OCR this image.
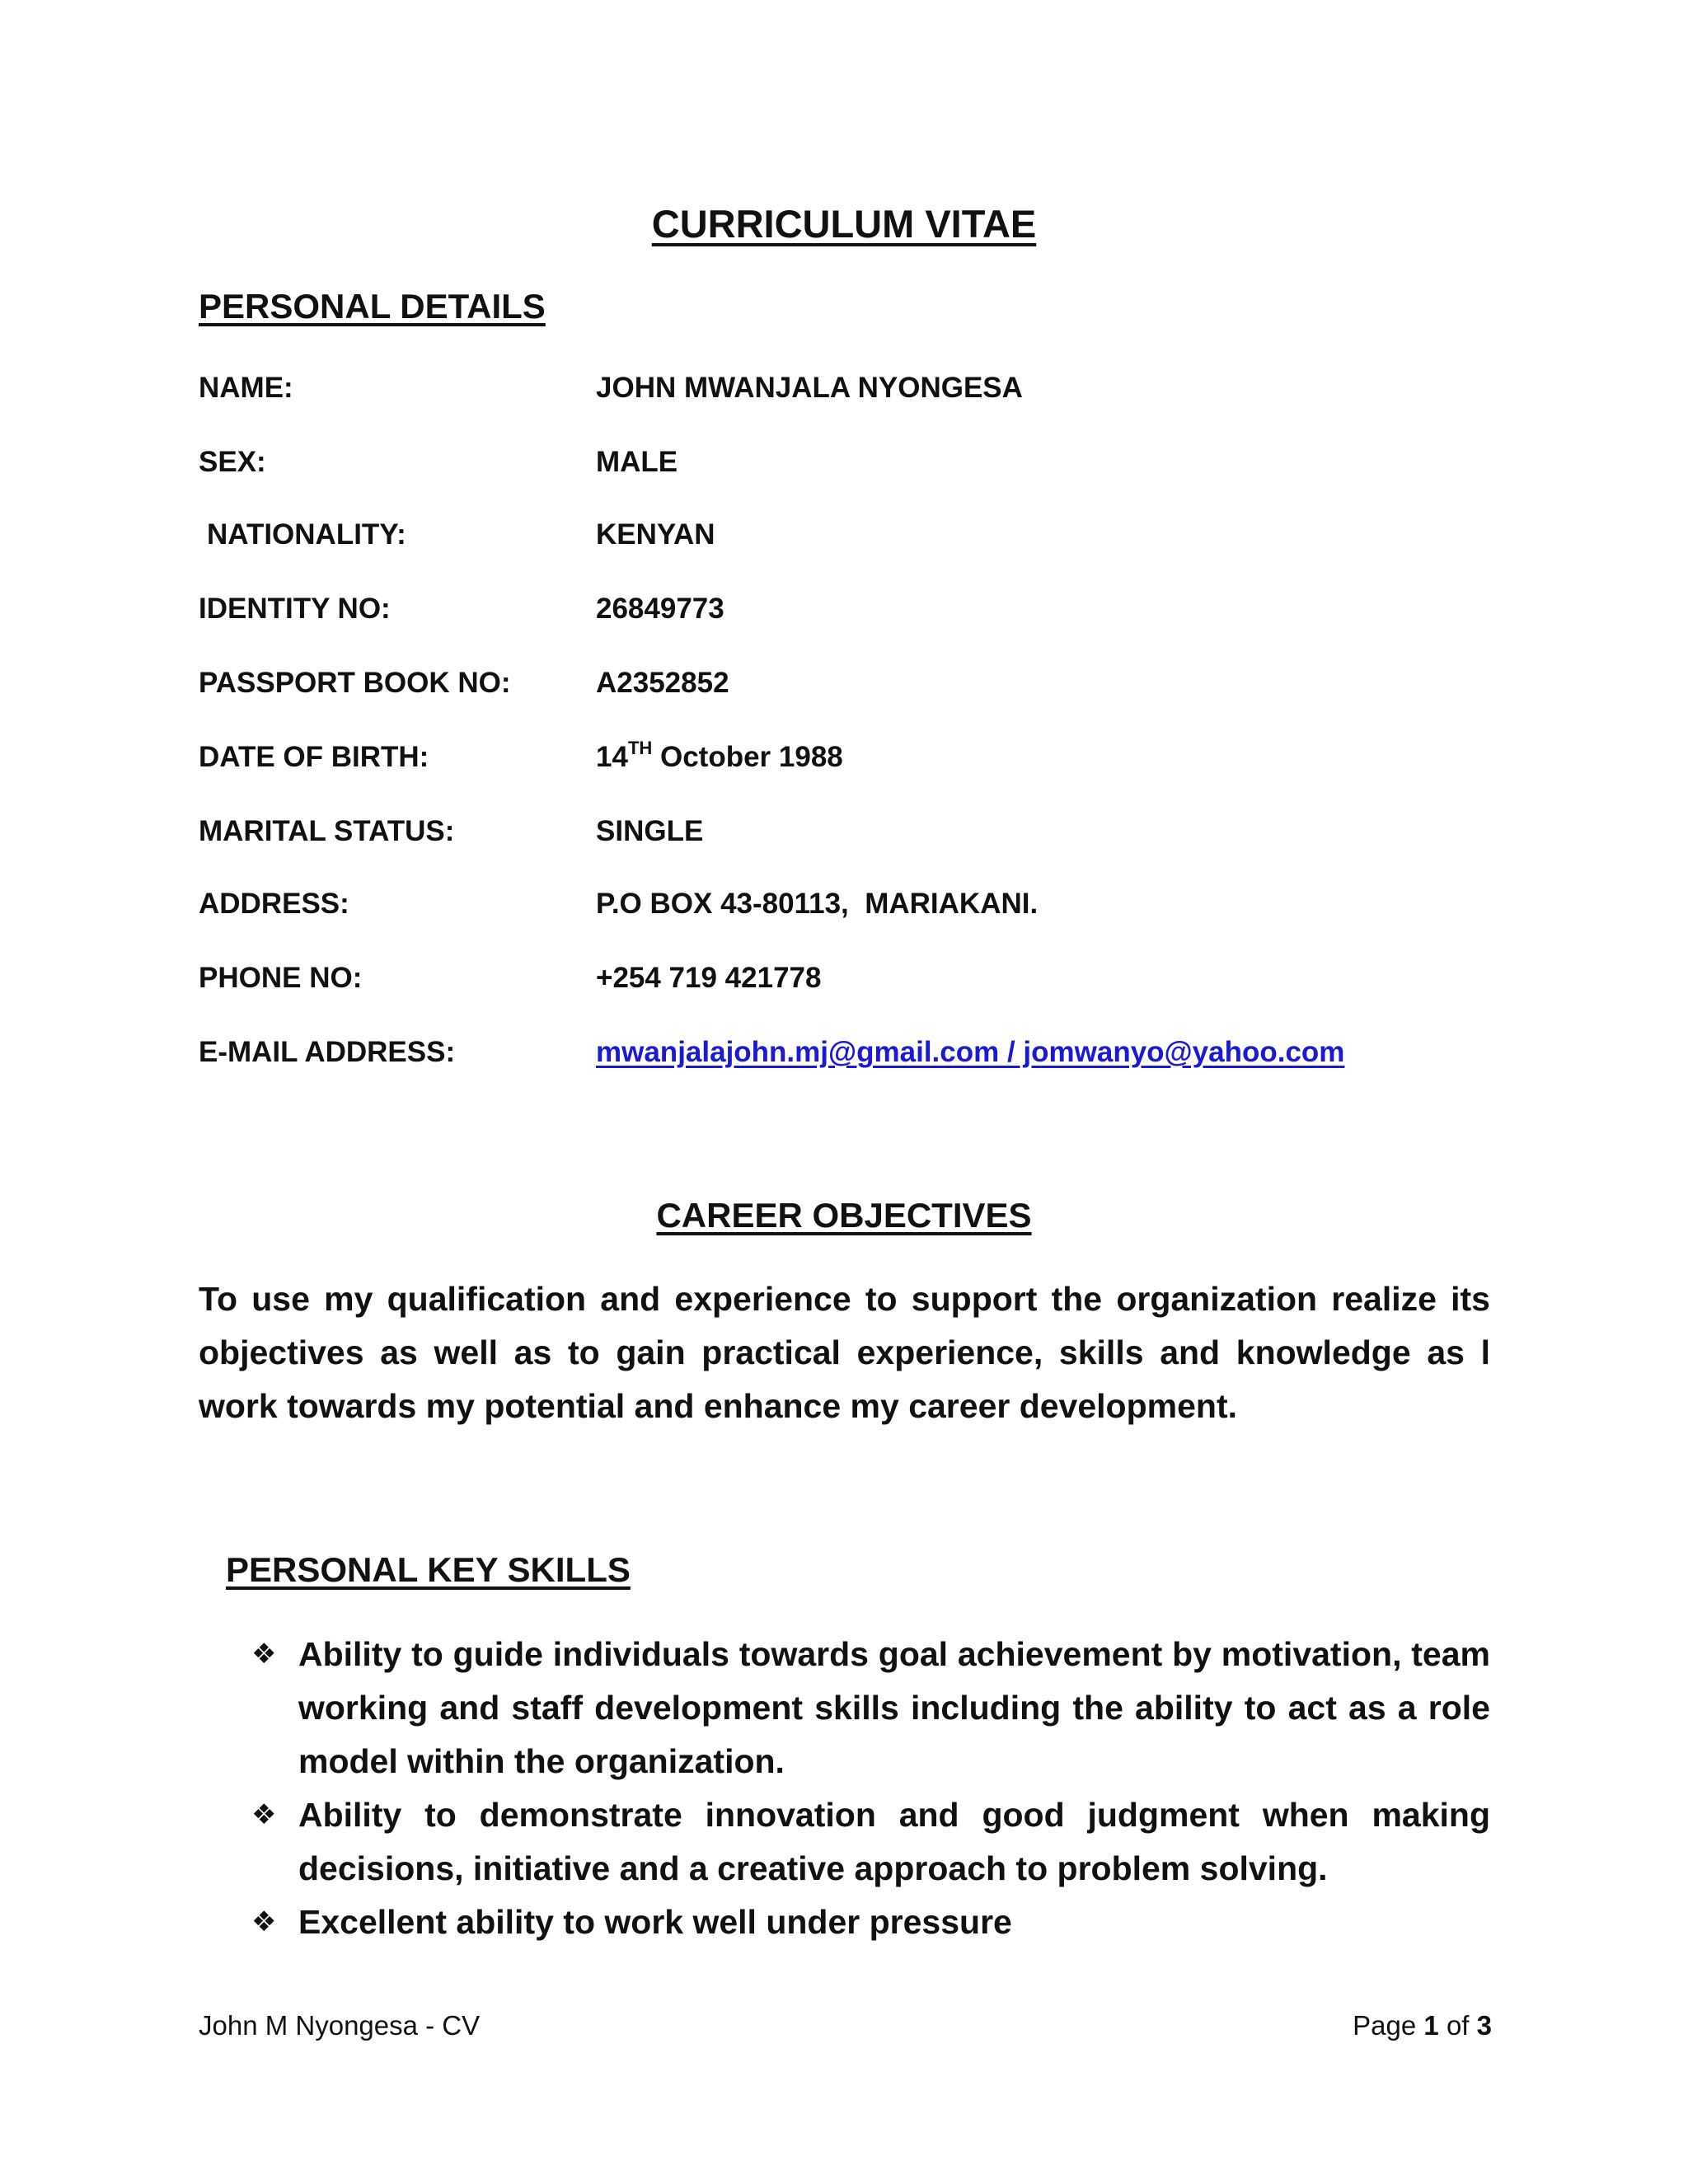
CURRICULUM VITAE
PERSONAL DETAILS
NAME:	JOHN MWANJALA NYONGESA
SEX:	MALE
NATIONALITY:	KENYAN
IDENTITY NO:	26849773
PASSPORT BOOK NO:	A2352852
DATE OF BIRTH:	14TH October 1988
MARITAL STATUS:	SINGLE
ADDRESS:	P.O BOX 43-80113,  MARIAKANI.
PHONE NO:	+254 719 421778
E-MAIL ADDRESS:	mwanjalajohn.mj@gmail.com / jomwanyo@yahoo.com
CAREER OBJECTIVES
To use my qualification and experience to support the organization realize its objectives as well as to gain practical experience, skills and knowledge as l work towards my potential and enhance my career development.
PERSONAL KEY SKILLS
❖ Ability to guide individuals towards goal achievement by motivation, team working and staff development skills including the ability to act as a role model within the organization.
❖ Ability to demonstrate innovation and good judgment when making decisions, initiative and a creative approach to problem solving.
❖ Excellent ability to work well under pressure
John M Nyongesa - CV	Page 1 of 3
